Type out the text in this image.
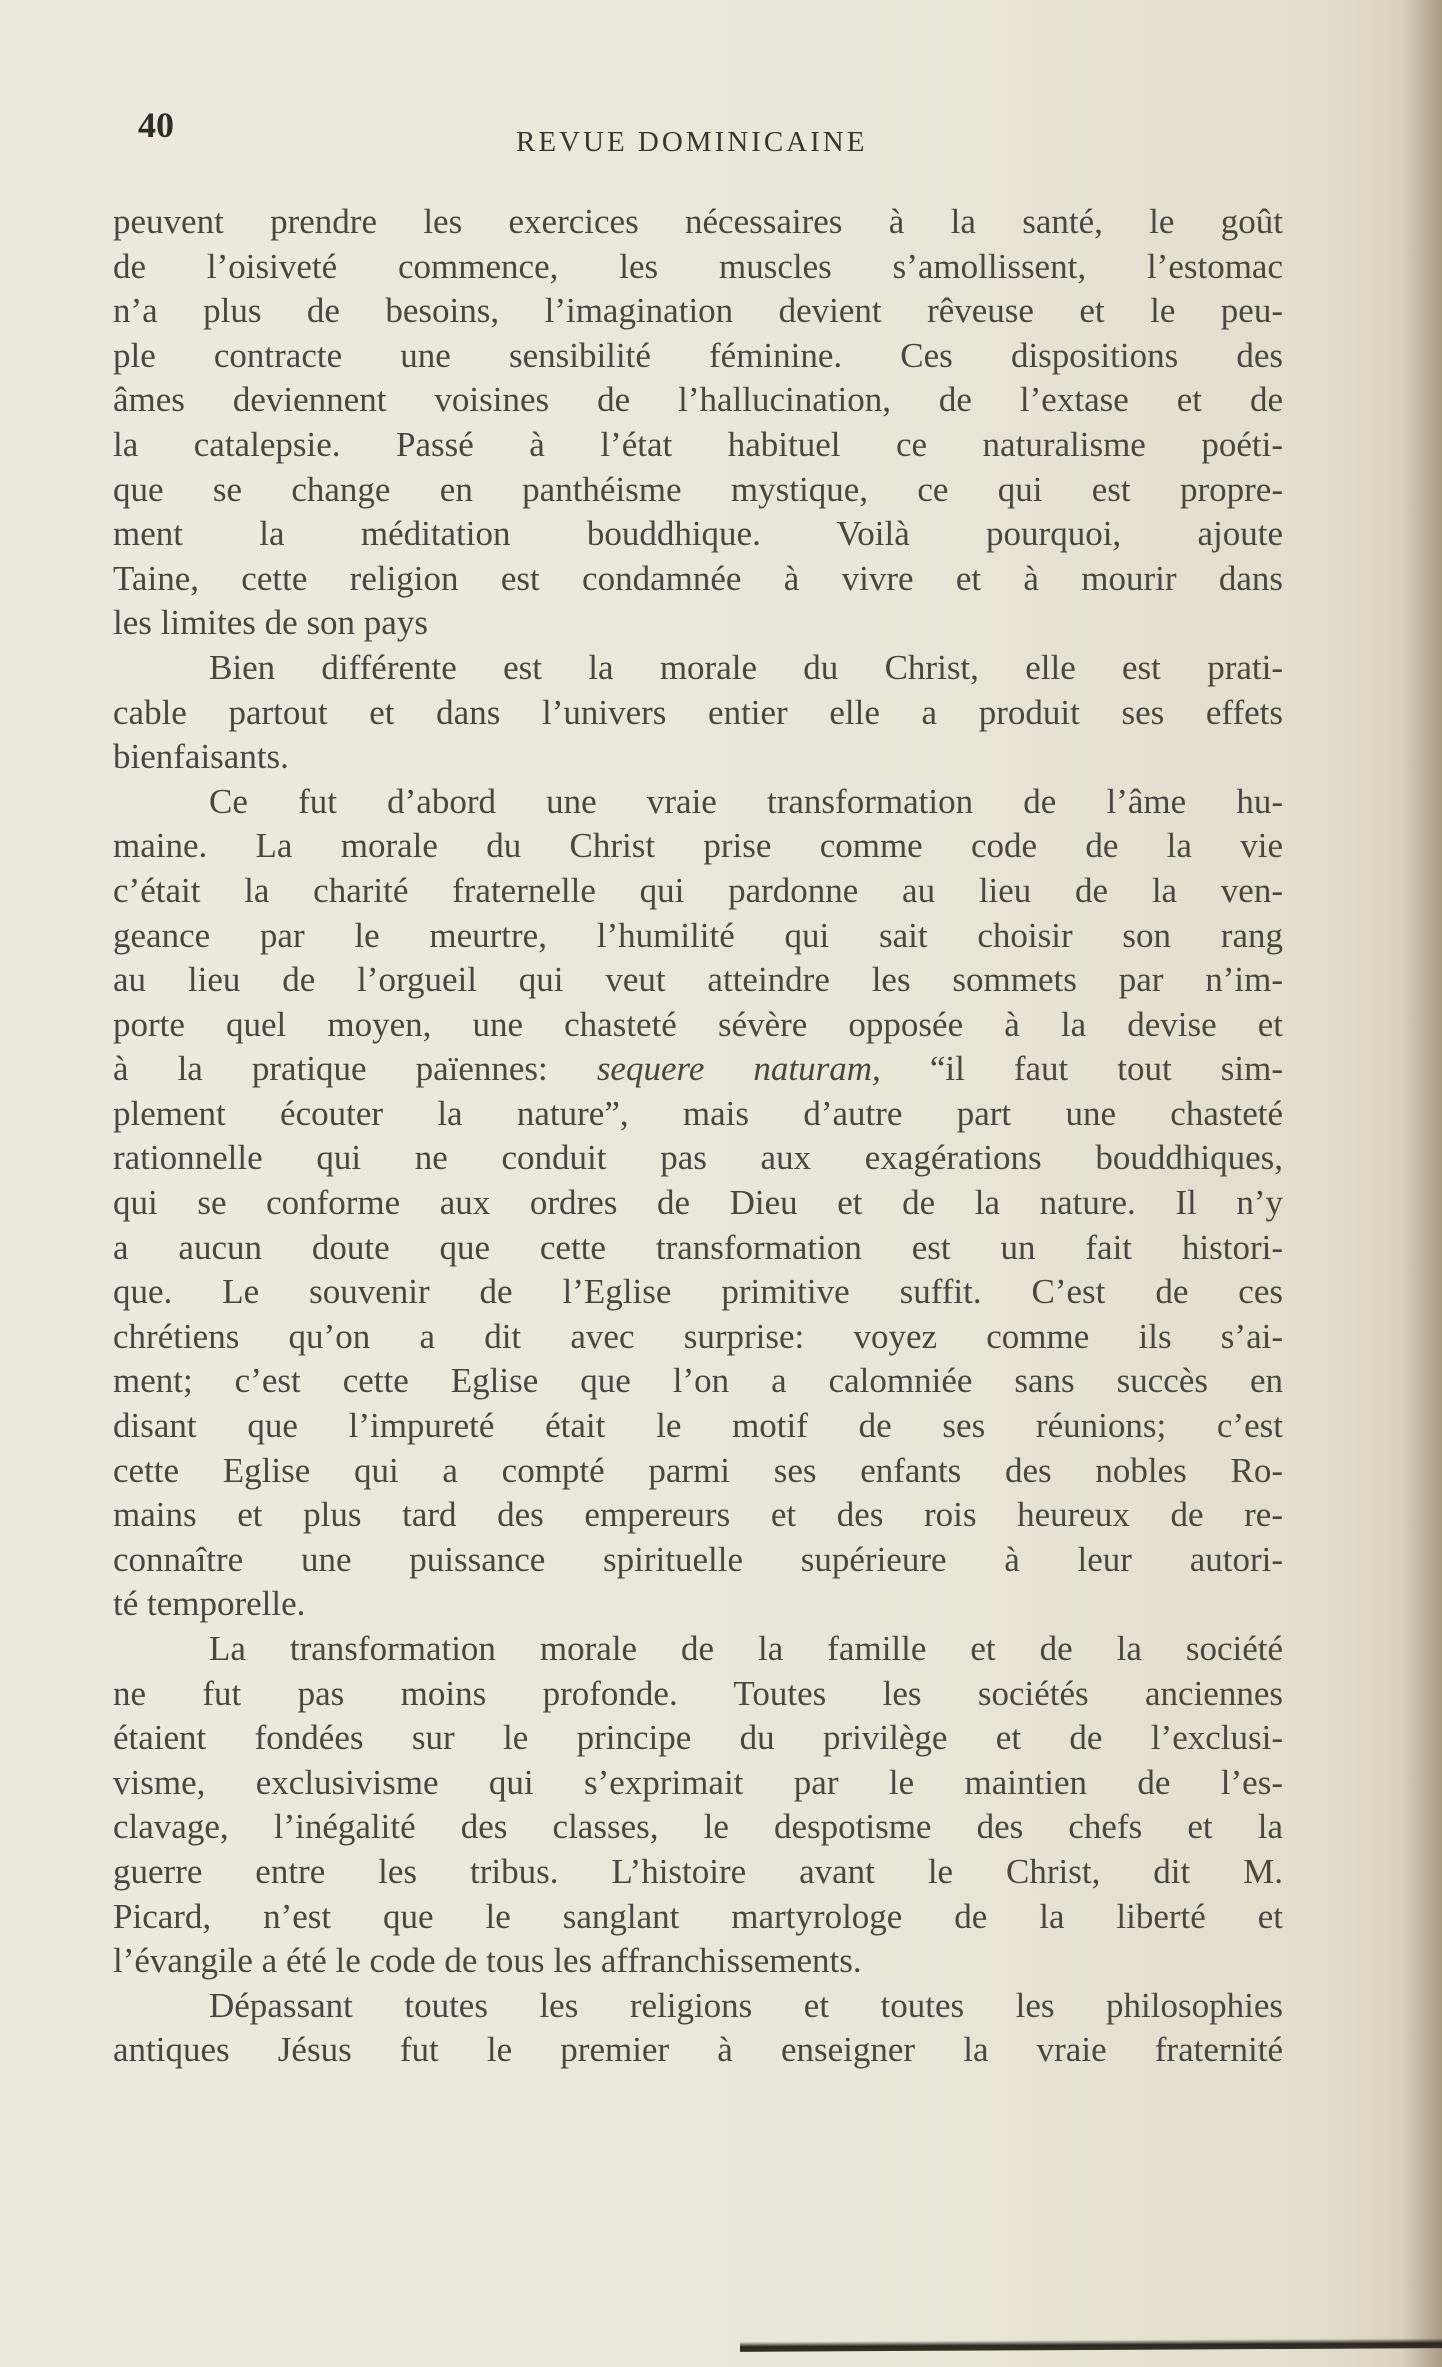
40	REVUE DOMINICAINE
peuvent prendre les exercices nécessaires à la santé, le goût
de l’oisiveté commence, les muscles s’amollissent, l’estomac
n’a plus de besoins, l’imagination devient rêveuse et le peu-
ple contracte une sensibilité féminine. Ces dispositions des
âmes deviennent voisines de l’hallucination, de l’extase et de
la catalepsie. Passé à l’état habituel ce naturalisme poéti-
que se change en panthéisme mystique, ce qui est propre-
ment la méditation bouddhique. Voilà pourquoi, ajoute
Taine, cette religion est condamnée à vivre et à mourir dans
les limites de son pays
Bien différente est la morale du Christ, elle est prati-
cable partout et dans l’univers entier elle a produit ses effets
bienfaisants.
Ce fut d’abord une vraie transformation de l’âme hu-
maine. La morale du Christ prise comme code de la vie
c’était la charité fraternelle qui pardonne au lieu de la ven-
geance par le meurtre, l’humilité qui sait choisir son rang
au lieu de l’orgueil qui veut atteindre les sommets par n’im-
porte quel moyen, une chasteté sévère opposée à la devise et
à la pratique païennes: sequere naturam, “il faut tout sim-
plement écouter la nature”, mais d’autre part une chasteté
rationnelle qui ne conduit pas aux exagérations bouddhiques,
qui se conforme aux ordres de Dieu et de la nature. Il n’y
a aucun doute que cette transformation est un fait histori-
que. Le souvenir de l’Eglise primitive suffit. C’est de ces
chrétiens qu’on a dit avec surprise: voyez comme ils s’ai-
ment; c’est cette Eglise que l’on a calomniée sans succès en
disant que l’impureté était le motif de ses réunions; c’est
cette Eglise qui a compté parmi ses enfants des nobles Ro-
mains et plus tard des empereurs et des rois heureux de re-
connaître une puissance spirituelle supérieure à leur autori-
té temporelle.
La transformation morale de la famille et de la société
ne fut pas moins profonde. Toutes les sociétés anciennes
étaient fondées sur le principe du privilège et de l’exclusi-
visme, exclusivisme qui s’exprimait par le maintien de l’es-
clavage, l’inégalité des classes, le despotisme des chefs et la
guerre entre les tribus. L’histoire avant le Christ, dit M.
Picard, n’est que le sanglant martyrologe de la liberté et
l’évangile a été le code de tous les affranchissements.
Dépassant toutes les religions et toutes les philosophies
antiques Jésus fut le premier à enseigner la vraie fraternité
